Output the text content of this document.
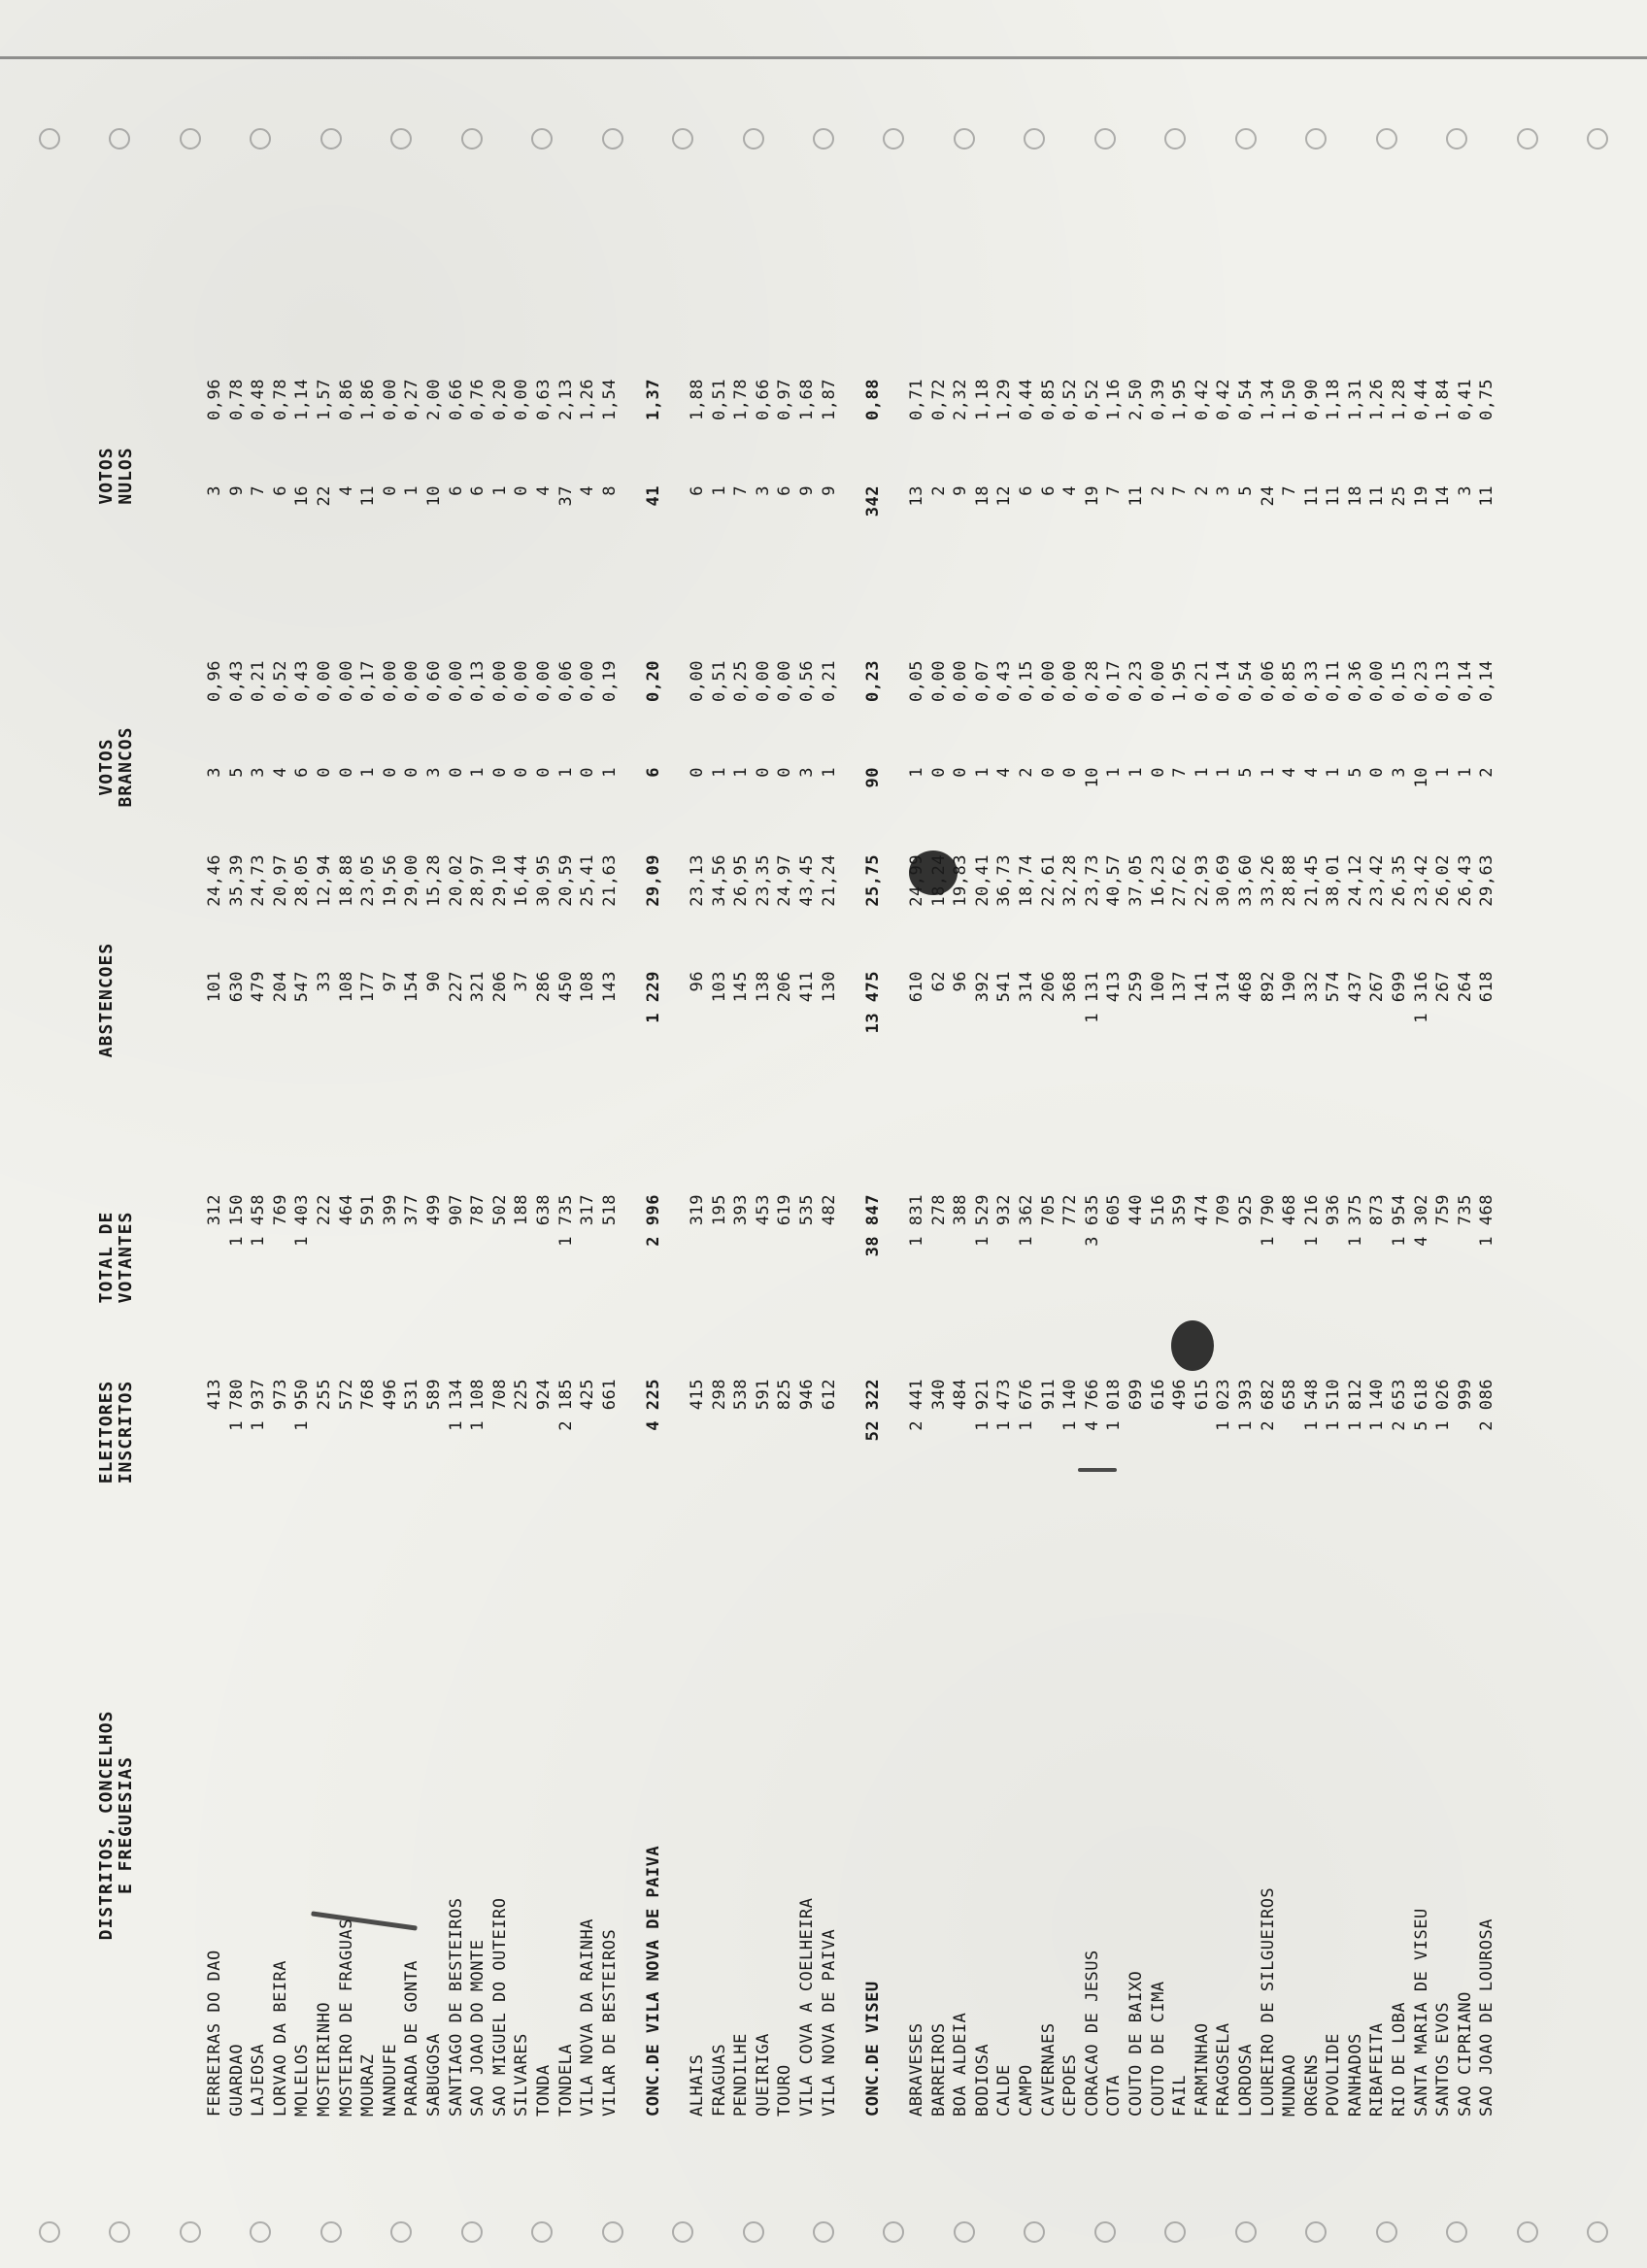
DISTRITOS, CONCELHOS
E FREGUESIAS
ELEITORES
INSCRITOS
TOTAL DE
VOTANTES
ABSTENCOES
VOTOS
BRANCOS
VOTOS
NULOS
FERREIRAS DO DAO
413
312
101
24,46
3
0,96
3
0,96
GUARDAO
1 780
1 150
630
35,39
5
0,43
9
0,78
LAJEOSA
1 937
1 458
479
24,73
3
0,21
7
0,48
LORVAO DA BEIRA
973
769
204
20,97
4
0,52
6
0,78
MOLELOS
1 950
1 403
547
28,05
6
0,43
16
1,14
MOSTEIRINHO
255
222
33
12,94
0
0,00
22
1,57
MOSTEIRO DE FRAGUAS
572
464
108
18,88
0
0,00
4
0,86
MOURAZ
768
591
177
23,05
1
0,17
11
1,86
NANDUFE
496
399
97
19,56
0
0,00
0
0,00
PARADA DE GONTA
531
377
154
29,00
0
0,00
1
0,27
SABUGOSA
589
499
90
15,28
3
0,60
10
2,00
SANTIAGO DE BESTEIROS
1 134
907
227
20,02
0
0,00
6
0,66
SAO JOAO DO MONTE
1 108
787
321
28,97
1
0,13
6
0,76
SAO MIGUEL DO OUTEIRO
708
502
206
29,10
0
0,00
1
0,20
SILVARES
225
188
37
16,44
0
0,00
0
0,00
TONDA
924
638
286
30,95
0
0,00
4
0,63
TONDELA
2 185
1 735
450
20,59
1
0,06
37
2,13
VILA NOVA DA RAINHA
425
317
108
25,41
0
0,00
4
1,26
VILAR DE BESTEIROS
661
518
143
21,63
1
0,19
8
1,54
CONC.DE VILA NOVA DE PAIVA
4 225
2 996
1 229
29,09
6
0,20
41
1,37
ALHAIS
415
319
96
23,13
0
0,00
6
1,88
FRAGUAS
298
195
103
34,56
1
0,51
1
0,51
PENDILHE
538
393
145
26,95
1
0,25
7
1,78
QUEIRIGA
591
453
138
23,35
0
0,00
3
0,66
TOURO
825
619
206
24,97
0
0,00
6
0,97
VILA COVA A COELHEIRA
946
535
411
43,45
3
0,56
9
1,68
VILA NOVA DE PAIVA
612
482
130
21,24
1
0,21
9
1,87
CONC.DE VISEU
52 322
38 847
13 475
25,75
90
0,23
342
0,88
ABRAVESES
2 441
1 831
610
24,99
1
0,05
13
0,71
BARREIROS
340
278
62
18,24
0
0,00
2
0,72
BOA ALDEIA
484
388
96
19,83
0
0,00
9
2,32
BODIOSA
1 921
1 529
392
20,41
1
0,07
18
1,18
CALDE
1 473
932
541
36,73
4
0,43
12
1,29
CAMPO
1 676
1 362
314
18,74
2
0,15
6
0,44
CAVERNAES
911
705
206
22,61
0
0,00
6
0,85
CEPOES
1 140
772
368
32,28
0
0,00
4
0,52
CORACAO DE JESUS
4 766
3 635
1 131
23,73
10
0,28
19
0,52
COTA
1 018
605
413
40,57
1
0,17
7
1,16
COUTO DE BAIXO
699
440
259
37,05
1
0,23
11
2,50
COUTO DE CIMA
616
516
100
16,23
0
0,00
2
0,39
FAIL
496
359
137
27,62
7
1,95
7
1,95
FARMINHAO
615
474
141
22,93
1
0,21
2
0,42
FRAGOSELA
1 023
709
314
30,69
1
0,14
3
0,42
LORDOSA
1 393
925
468
33,60
5
0,54
5
0,54
LOUREIRO DE SILGUEIROS
2 682
1 790
892
33,26
1
0,06
24
1,34
MUNDAO
658
468
190
28,88
4
0,85
7
1,50
ORGENS
1 548
1 216
332
21,45
4
0,33
11
0,90
POVOLIDE
1 510
936
574
38,01
1
0,11
11
1,18
RANHADOS
1 812
1 375
437
24,12
5
0,36
18
1,31
RIBAFEITA
1 140
873
267
23,42
0
0,00
11
1,26
RIO DE LOBA
2 653
1 954
699
26,35
3
0,15
25
1,28
SANTA MARIA DE VISEU
5 618
4 302
1 316
23,42
10
0,23
19
0,44
SANTOS EVOS
1 026
759
267
26,02
1
0,13
14
1,84
SAO CIPRIANO
999
735
264
26,43
1
0,14
3
0,41
SAO JOAO DE LOUROSA
2 086
1 468
618
29,63
2
0,14
11
0,75
